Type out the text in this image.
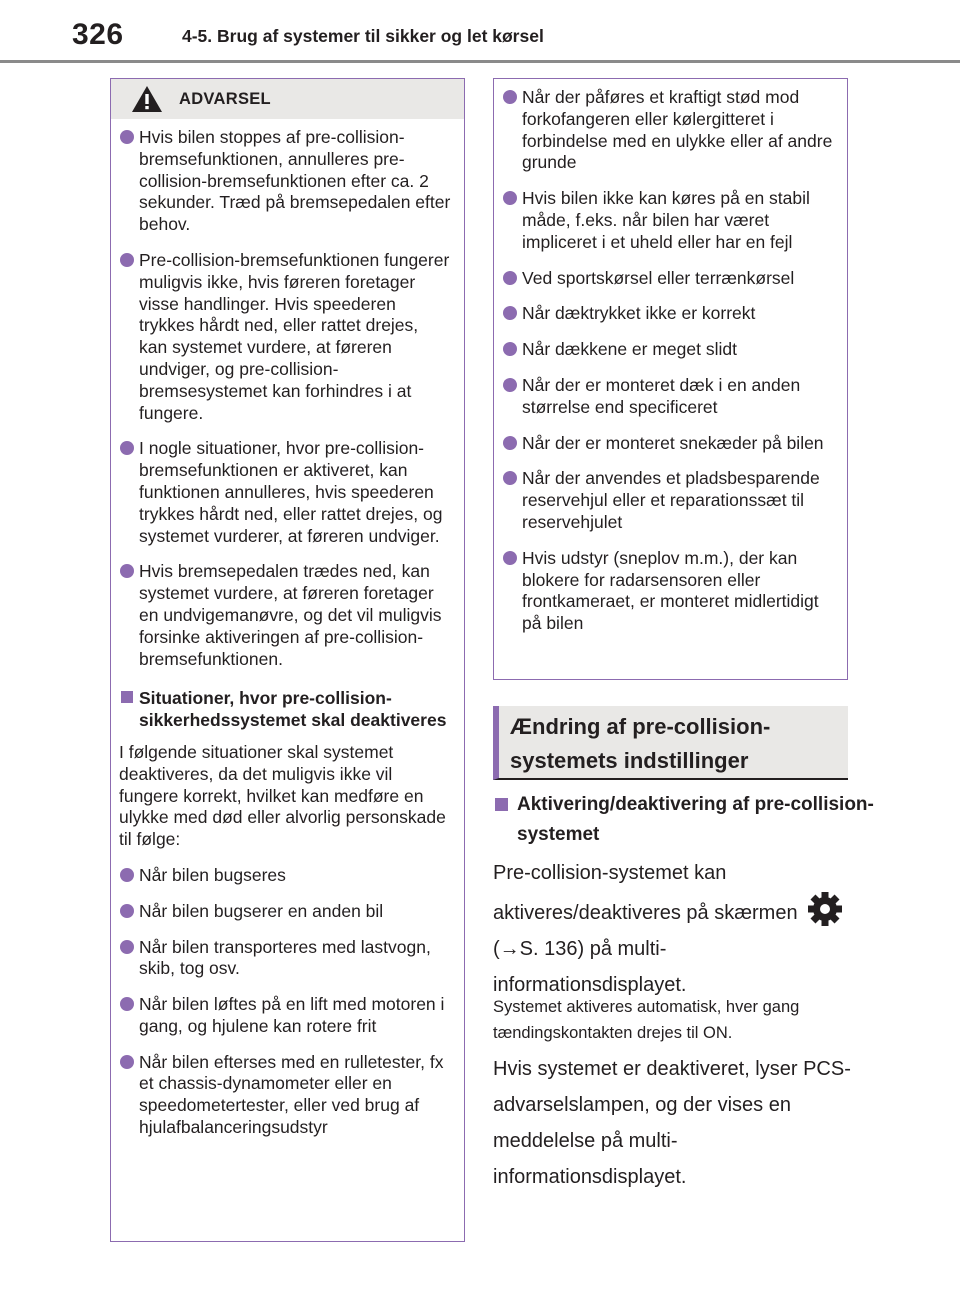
326	4-5. Brug af systemer til sikker og let kørsel
ADVARSEL
Hvis bilen stoppes af pre-collision-bremsefunktionen, annulleres pre-collision-bremsefunktionen efter ca. 2 sekunder. Træd på bremsepedalen efter behov.
Pre-collision-bremsefunktionen fungerer muligvis ikke, hvis føreren foretager visse handlinger. Hvis speederen trykkes hårdt ned, eller rattet drejes, kan systemet vurdere, at føreren undviger, og pre-collision-bremsesystemet kan forhindres i at fungere.
I nogle situationer, hvor pre-collision-bremsefunktionen er aktiveret, kan funktionen annulleres, hvis speederen trykkes hårdt ned, eller rattet drejes, og systemet vurderer, at føreren undviger.
Hvis bremsepedalen trædes ned, kan systemet vurdere, at føreren foretager en undvigemanøvre, og det vil muligvis forsinke aktiveringen af pre-collision-bremsefunktionen.
Situationer, hvor pre-collision-sikkerhedssystemet skal deaktiveres
I følgende situationer skal systemet deaktiveres, da det muligvis ikke vil fungere korrekt, hvilket kan medføre en ulykke med død eller alvorlig personskade til følge:
Når bilen bugseres
Når bilen bugserer en anden bil
Når bilen transporteres med lastvogn, skib, tog osv.
Når bilen løftes på en lift med motoren i gang, og hjulene kan rotere frit
Når bilen efterses med en rulletester, fx et chassis-dynamometer eller en speedometertester, eller ved brug af hjulafbalanceringsudstyr
Når der påføres et kraftigt stød mod forkofangeren eller kølergitteret i forbindelse med en ulykke eller af andre grunde
Hvis bilen ikke kan køres på en stabil måde, f.eks. når bilen har været impliceret i et uheld eller har en fejl
Ved sportskørsel eller terrænkørsel
Når dæktrykket ikke er korrekt
Når dækkene er meget slidt
Når der er monteret dæk i en anden størrelse end specificeret
Når der er monteret snekæder på bilen
Når der anvendes et pladsbesparende reservehjul eller et reparationssæt til reservehjulet
Hvis udstyr (sneplov m.m.), der kan blokere for radarsensoren eller frontkameraet, er monteret midlertidigt på bilen
Ændring af pre-collision-systemets indstillinger
Aktivering/deaktivering af pre-collision-systemet
Pre-collision-systemet kan aktiveres/deaktiveres på skærmen
(→S. 136) på multi-informationsdisplayet.
Systemet aktiveres automatisk, hver gang tændingskontakten drejes til ON.
Hvis systemet er deaktiveret, lyser PCS-advarselslampen, og der vises en meddelelse på multi-informationsdisplayet.
